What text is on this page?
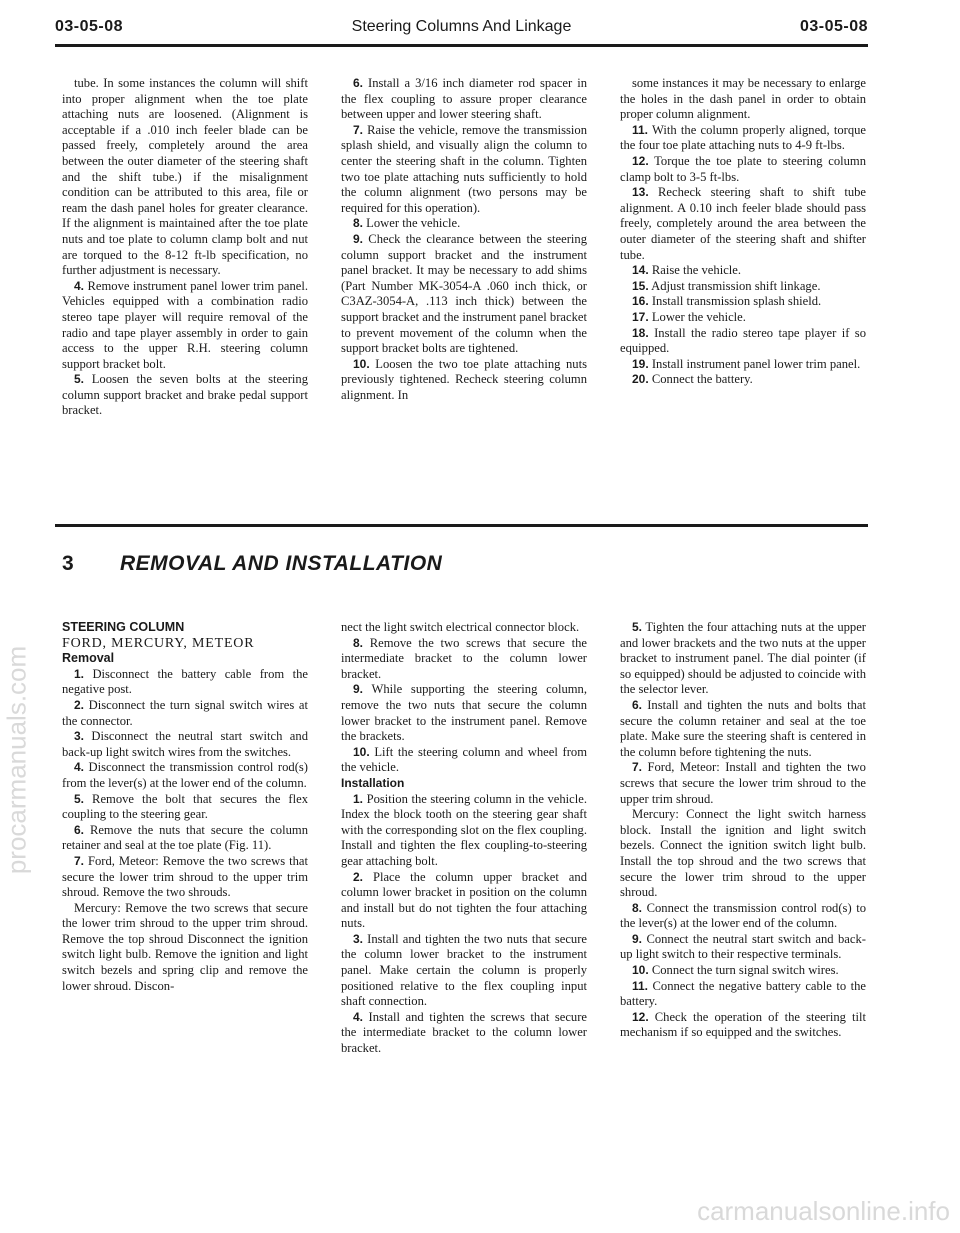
03-05-08	Steering Columns And Linkage	03-05-08

tube. In some instances the column will shift into proper alignment when the toe plate attaching nuts are loosened. (Alignment is acceptable if a .010 inch feeler blade can be passed freely, completely around the area between the outer diameter of the steering shaft and the shift tube.) if the misalignment condition can be attributed to this area, file or ream the dash panel holes for greater clearance. If the alignment is maintained after the toe plate nuts and toe plate to column clamp bolt and nut are torqued to the 8-12 ft-lb specification, no further adjustment is necessary.

4. Remove instrument panel lower trim panel. Vehicles equipped with a combination radio stereo tape player will require removal of the radio and tape player assembly in order to gain access to the upper R.H. steering column support bracket bolt.

5. Loosen the seven bolts at the steering column support bracket and brake pedal support bracket.

6. Install a 3/16 inch diameter rod spacer in the flex coupling to assure proper clearance between upper and lower steering shaft.

7. Raise the vehicle, remove the transmission splash shield, and visually align the column to center the steering shaft in the column. Tighten two toe plate attaching nuts sufficiently to hold the column alignment (two persons may be required for this operation).

8. Lower the vehicle.

9. Check the clearance between the steering column support bracket and the instrument panel bracket. It may be necessary to add shims (Part Number MK-3054-A .060 inch thick, or C3AZ-3054-A, .113 inch thick) between the support bracket and the instrument panel bracket to prevent movement of the column when the support bracket bolts are tightened.

10. Loosen the two toe plate attaching nuts previously tightened. Recheck steering column alignment. In

some instances it may be necessary to enlarge the holes in the dash panel in order to obtain proper column alignment.

11. With the column properly aligned, torque the four toe plate attaching nuts to 4-9 ft-lbs.

12. Torque the toe plate to steering column clamp bolt to 3-5 ft-lbs.

13. Recheck steering shaft to shift tube alignment. A 0.10 inch feeler blade should pass freely, completely around the area between the outer diameter of the steering shaft and shifter tube.

14. Raise the vehicle.

15. Adjust transmission shift linkage.

16. Install transmission splash shield.

17. Lower the vehicle.

18. Install the radio stereo tape player if so equipped.

19. Install instrument panel lower trim panel.

20. Connect the battery.

3 REMOVAL AND INSTALLATION

STEERING COLUMN

FORD, MERCURY, METEOR

Removal

1. Disconnect the battery cable from the negative post.

2. Disconnect the turn signal switch wires at the connector.

3. Disconnect the neutral start switch and back-up light switch wires from the switches.

4. Disconnect the transmission control rod(s) from the lever(s) at the lower end of the column.

5. Remove the bolt that secures the flex coupling to the steering gear.

6. Remove the nuts that secure the column retainer and seal at the toe plate (Fig. 11).

7. Ford, Meteor: Remove the two screws that secure the lower trim shroud to the upper trim shroud. Remove the two shrouds.

Mercury: Remove the two screws that secure the lower trim shroud to the upper trim shroud. Remove the top shroud Disconnect the ignition switch light bulb. Remove the ignition and light switch bezels and spring clip and remove the lower shroud. Discon-

nect the light switch electrical connector block.

8. Remove the two screws that secure the intermediate bracket to the column lower bracket.

9. While supporting the steering column, remove the two nuts that secure the column lower bracket to the instrument panel. Remove the brackets.

10. Lift the steering column and wheel from the vehicle.

Installation

1. Position the steering column in the vehicle. Index the block tooth on the steering gear shaft with the corresponding slot on the flex coupling. Install and tighten the flex coupling-to-steering gear attaching bolt.

2. Place the column upper bracket and column lower bracket in position on the column and install but do not tighten the four attaching nuts.

3. Install and tighten the two nuts that secure the column lower bracket to the instrument panel. Make certain the column is properly positioned relative to the flex coupling input shaft connection.

4. Install and tighten the screws that secure the intermediate bracket to the column lower bracket.

5. Tighten the four attaching nuts at the upper and lower brackets and the two nuts at the upper bracket to instrument panel. The dial pointer (if so equipped) should be adjusted to coincide with the selector lever.

6. Install and tighten the nuts and bolts that secure the column retainer and seal at the toe plate. Make sure the steering shaft is centered in the column before tightening the nuts.

7. Ford, Meteor: Install and tighten the two screws that secure the lower trim shroud to the upper trim shroud.

Mercury: Connect the light switch harness block. Install the ignition and light switch bezels. Connect the ignition switch light bulb. Install the top shroud and the two screws that secure the lower trim shroud to the upper shroud.

8. Connect the transmission control rod(s) to the lever(s) at the lower end of the column.

9. Connect the neutral start switch and back-up light switch to their respective terminals.

10. Connect the turn signal switch wires.

11. Connect the negative battery cable to the battery.

12. Check the operation of the steering tilt mechanism if so equipped and the switches.

procarmanuals.com
carmanualsonline.info
